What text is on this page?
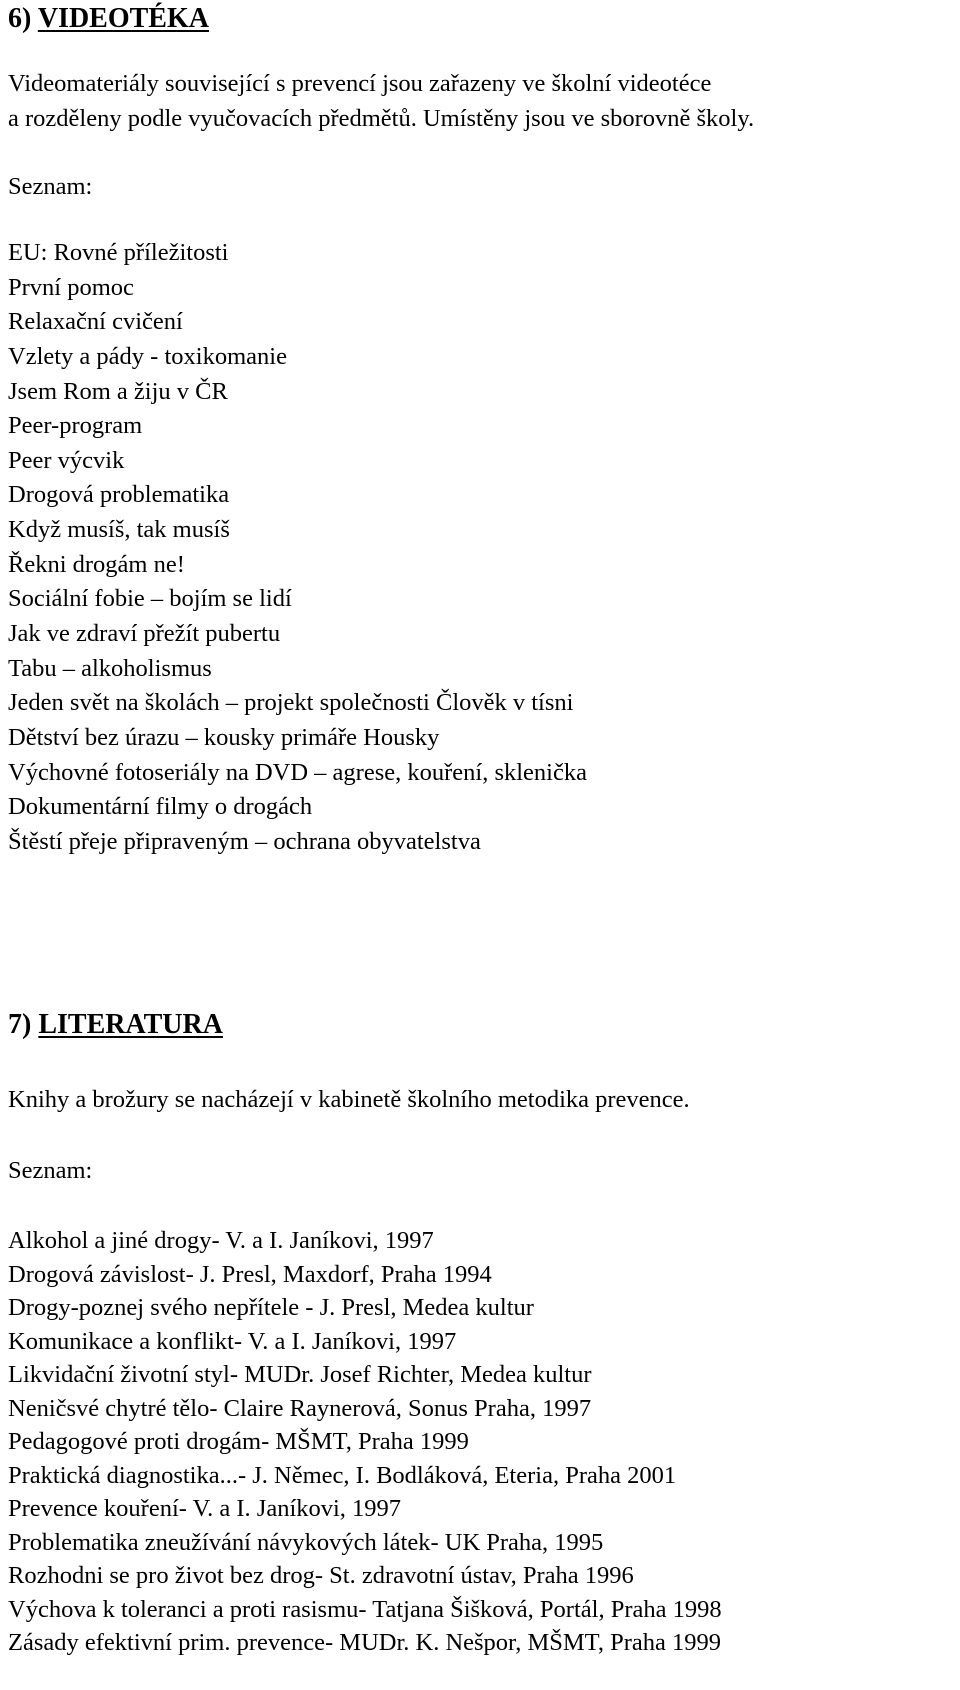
6) VIDEOTÉKA
Videomateriály související s prevencí jsou zařazeny ve školní videotéce
a rozděleny podle vyučovacích předmětů. Umístěny jsou ve sborovně školy.
Seznam:
EU: Rovné příležitosti
První pomoc
Relaxační cvičení
Vzlety a pády - toxikomanie
Jsem Rom a žiju v ČR
Peer-program
Peer výcvik
Drogová problematika
Když musíš, tak musíš
Řekni drogám ne!
Sociální fobie – bojím se lidí
Jak ve zdraví přežít pubertu
Tabu – alkoholismus
Jeden svět na školách – projekt společnosti Člověk v tísni
Dětství bez úrazu – kousky primáře Housky
Výchovné fotoseriály na DVD – agrese, kouření, sklenička
Dokumentární filmy o drogách
Štěstí přeje připraveným – ochrana obyvatelstva
7) LITERATURA
Knihy a brožury se nacházejí v kabinetě školního metodika prevence.
Seznam:
Alkohol a jiné drogy- V. a I. Janíkovi, 1997
Drogová závislost- J. Presl, Maxdorf, Praha 1994
Drogy-poznej svého nepřítele - J. Presl, Medea kultur
Komunikace a konflikt- V. a I. Janíkovi, 1997
Likvidační životní styl- MUDr. Josef Richter, Medea kultur
Neničsvé chytré tělo- Claire Raynerová, Sonus Praha, 1997
Pedagogové proti drogám- MŠMT, Praha 1999
Praktická diagnostika...- J. Němec, I. Bodláková, Eteria, Praha 2001
Prevence kouření- V. a I. Janíkovi, 1997
Problematika zneužívání návykových látek- UK Praha, 1995
Rozhodni se pro život bez drog- St. zdravotní ústav, Praha 1996
Výchova k toleranci a proti rasismu- Tatjana Šišková, Portál, Praha 1998
Zásady efektivní prim. prevence- MUDr. K. Nešpor, MŠMT, Praha 1999
